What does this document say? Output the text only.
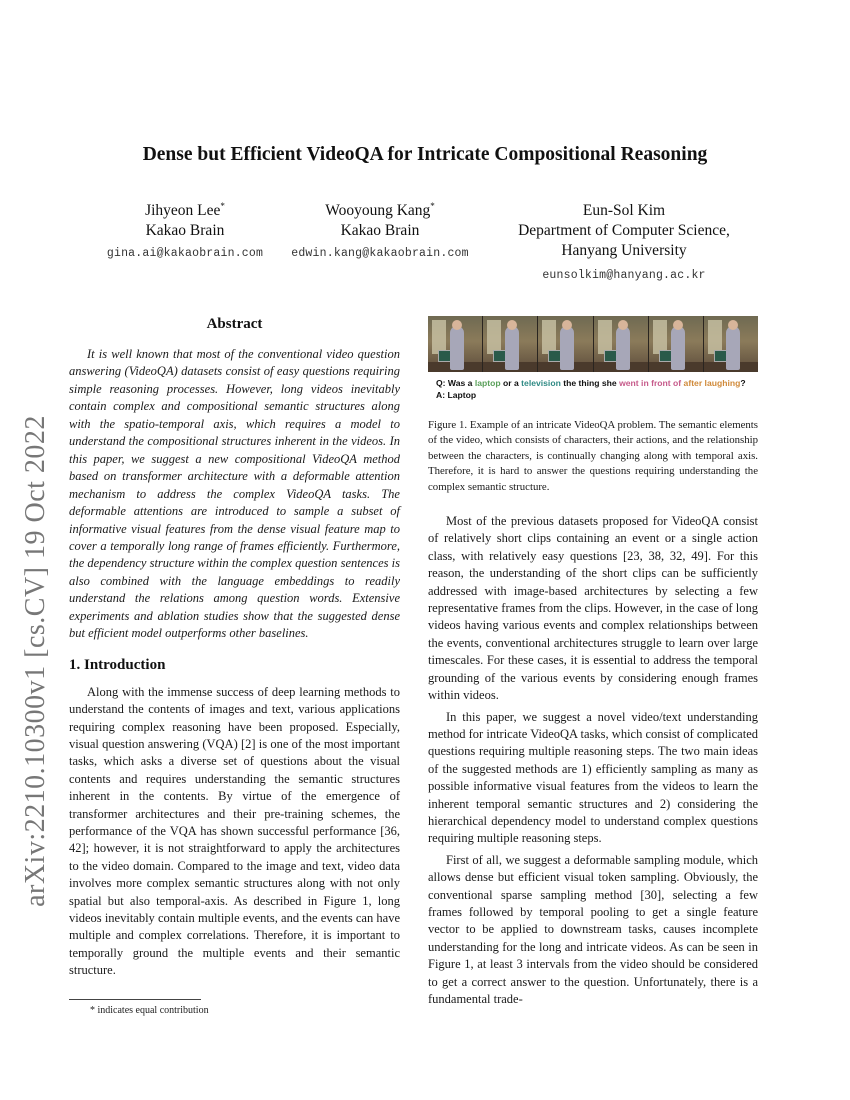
arXiv:2210.10300v1 [cs.CV] 19 Oct 2022
Dense but Efficient VideoQA for Intricate Compositional Reasoning
Jihyeon Lee*
Kakao Brain
gina.ai@kakaobrain.com
Wooyoung Kang*
Kakao Brain
edwin.kang@kakaobrain.com
Eun-Sol Kim
Department of Computer Science,
Hanyang University
eunsolkim@hanyang.ac.kr
Abstract

It is well known that most of the conventional video question answering (VideoQA) datasets consist of easy questions requiring simple reasoning processes. However, long videos inevitably contain complex and compositional semantic structures along with the spatio-temporal axis, which requires a model to understand the compositional structures inherent in the videos. In this paper, we suggest a new compositional VideoQA method based on transformer architecture with a deformable attention mechanism to address the complex VideoQA tasks. The deformable attentions are introduced to sample a subset of informative visual features from the dense visual feature map to cover a temporally long range of frames efficiently. Furthermore, the dependency structure within the complex question sentences is also combined with the language embeddings to readily understand the relations among question words. Extensive experiments and ablation studies show that the suggested dense but efficient model outperforms other baselines.

1. Introduction

Along with the immense success of deep learning methods to understand the contents of images and text, various applications requiring complex reasoning have been proposed. Especially, visual question answering (VQA) [2] is one of the most important tasks, which asks a diverse set of questions about the visual contents and requires understanding the semantic structures inherent in the contents. By virtue of the emergence of transformer architectures and their pre-training schemes, the performance of the VQA has shown successful performance [36, 42]; however, it is not straightforward to apply the architectures to the video domain. Compared to the image and text, video data involves more complex semantic structures along with not only spatial but also temporal-axis. As described in Figure 1, long videos inevitably contain multiple events, and the events can have multiple and complex correlations. Therefore, it is important to temporally ground the multiple events and their semantic structure.

Q: Was a laptop or a television the thing she went in front of after laughing?
A: Laptop

Figure 1. Example of an intricate VideoQA problem. The semantic elements of the video, which consists of characters, their actions, and the relationship between the characters, is continually changing along with temporal axis. Therefore, it is hard to answer the questions requiring understanding the complex semantic structure.

Most of the previous datasets proposed for VideoQA consist of relatively short clips containing an event or a single action class, with relatively easy questions [23, 38, 32, 49]. For this reason, the understanding of the short clips can be sufficiently addressed with image-based architectures by selecting a few representative frames from the clips. However, in the case of long videos having various events and complex relationships between the events, conventional architectures struggle to learn over large timescales. For these cases, it is essential to address the temporal grounding of the various events by considering enough frames within videos.

In this paper, we suggest a novel video/text understanding method for intricate VideoQA tasks, which consist of complicated questions requiring multiple reasoning steps. The two main ideas of the suggested methods are 1) efficiently sampling as many as possible informative visual features from the videos to learn the inherent temporal semantic structures and 2) considering the hierarchical dependency model to understand complex questions requiring multiple reasoning steps.

First of all, we suggest a deformable sampling module, which allows dense but efficient visual token sampling. Obviously, the conventional sparse sampling method [30], selecting a few frames followed by temporal pooling to get a single feature vector to be applied to downstream tasks, causes incomplete understanding for the long and intricate videos. As can be seen in Figure 1, at least 3 intervals from the video should be considered to get a correct answer to the question. Unfortunately, there is a fundamental trade-

* indicates equal contribution
